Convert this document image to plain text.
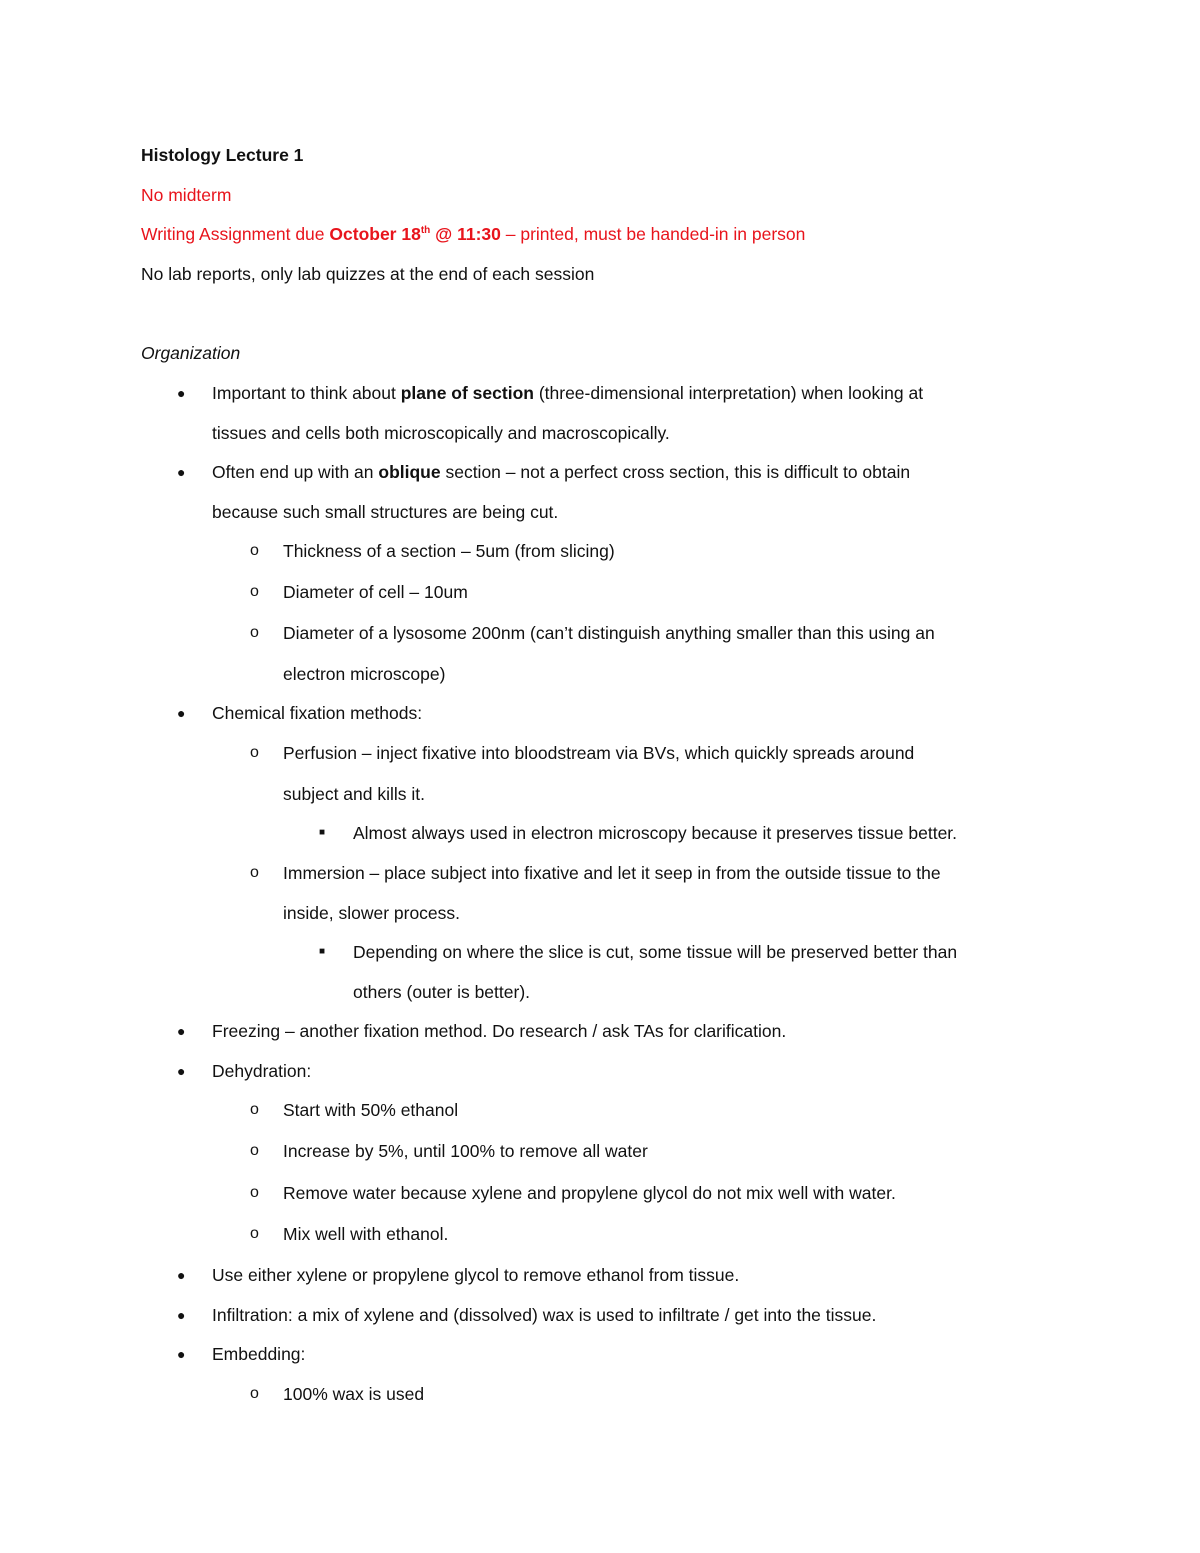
Histology Lecture 1
No midterm
Writing Assignment due October 18th @ 11:30 – printed, must be handed-in in person
No lab reports, only lab quizzes at the end of each session
Organization
● Important to think about plane of section (three-dimensional interpretation) when looking at
tissues and cells both microscopically and macroscopically.
● Often end up with an oblique section – not a perfect cross section, this is difficult to obtain
because such small structures are being cut.
o Thickness of a section – 5um (from slicing)
o Diameter of cell – 10um
o Diameter of a lysosome 200nm (can’t distinguish anything smaller than this using an
electron microscope)
● Chemical fixation methods:
o Perfusion – inject fixative into bloodstream via BVs, which quickly spreads around
subject and kills it.
■ Almost always used in electron microscopy because it preserves tissue better.
o Immersion – place subject into fixative and let it seep in from the outside tissue to the
inside, slower process.
■ Depending on where the slice is cut, some tissue will be preserved better than
others (outer is better).
● Freezing – another fixation method. Do research / ask TAs for clarification.
● Dehydration:
o Start with 50% ethanol
o Increase by 5%, until 100% to remove all water
o Remove water because xylene and propylene glycol do not mix well with water.
o Mix well with ethanol.
● Use either xylene or propylene glycol to remove ethanol from tissue.
● Infiltration: a mix of xylene and (dissolved) wax is used to infiltrate / get into the tissue.
● Embedding:
o 100% wax is used
